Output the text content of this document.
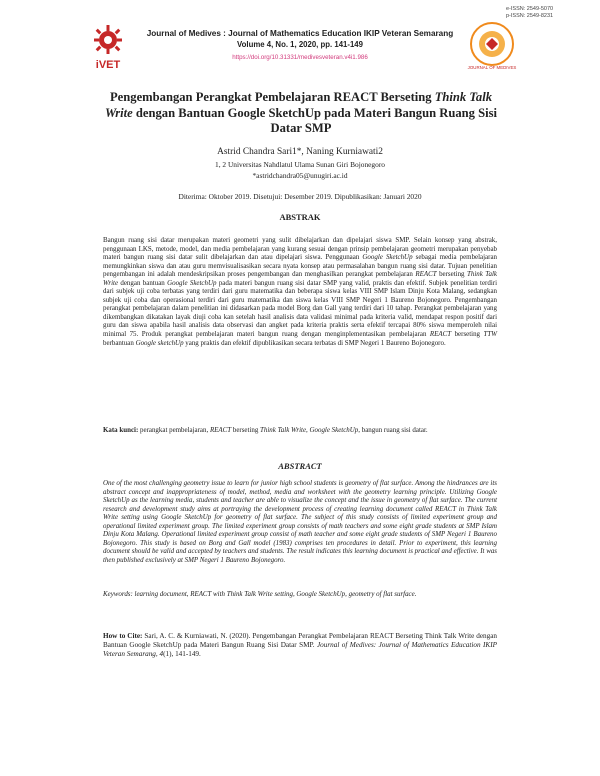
e-ISSN: 2549-5070
p-ISSN: 2549-8231
iVET
Journal of Medives : Journal of Mathematics Education IKIP Veteran Semarang
Volume 4, No. 1, 2020, pp. 141-149
https://doi.org/10.31331/medivesveteran.v4i1.986
JOURNAL OF MEDIVES
Pengembangan Perangkat Pembelajaran REACT Berseting Think Talk Write dengan Bantuan Google SketchUp pada Materi Bangun Ruang Sisi Datar SMP
Astrid Chandra Sari1*, Naning Kurniawati2
1, 2 Universitas Nahdlatul Ulama Sunan Giri Bojonegoro
*astridchandra05@unugiri.ac.id
Diterima: Oktober 2019. Disetujui: Desember 2019. Dipublikasikan: Januari 2020
ABSTRAK
Bangun ruang sisi datar merupakan materi geometri yang sulit dibelajarkan dan dipelajari siswa SMP. Selain konsep yang abstrak, penggunaan LKS, metode, model, dan media pembelajaran yang kurang sesuai dengan prinsip pembelajaran geometri merupakan penyebab materi bangun ruang sisi datar sulit dibelajarkan dan atau dipelajari siswa. Penggunaan Google SketchUp sebagai media pembelajaran memungkinkan siswa dan atau guru memvisualisasikan secara nyata konsep atau permasalahan bangun ruang sisi datar. Tujuan penelitian pengembangan ini adalah mendeskripsikan proses pengembangan dan menghasilkan perangkat pembelajaran REACT berseting Think Talk Write dengan bantuan Google SketchUp pada materi bangun ruang sisi datar SMP yang valid, praktis dan efektif. Subjek penelitian terdiri dari subjek uji coba terbatas yang terdiri dari guru matematika dan beberapa siswa kelas VIII SMP Islam Dinju Kota Malang, sedangkan subjek uji coba dan operasional terdiri dari guru matematika dan siswa kelas VIII SMP Negeri 1 Baureno Bojonegoro. Pengembangan perangkat pembelajaran dalam penelitian ini didasarkan pada model Borg dan Gall yang terdiri dari 10 tahap. Perangkat pembelajaran yang dikembangkan dikatakan layak diuji coba kan setelah hasil analisis data validasi minimal pada kriteria valid, mendapat respon positif dari guru dan siswa apabila hasil analisis data observasi dan angket pada kriteria praktis serta efektif tercapai 80% siswa memperoleh nilai minimal 75. Produk perangkat pembelajaran materi bangun ruang dengan menginplementasikan pembelajaran REACT berseting TTW berbantuan Google sketchUp yang praktis dan efektif dipublikasikan secara terbatas di SMP Negeri 1 Baureno Bojonegoro.
Kata kunci: perangkat pembelajaran, REACT berseting Think Talk Write, Google SketchUp, bangun ruang sisi datar.
ABSTRACT
One of the most challenging geometry issue to learn for junior high school students is geometry of flat surface. Among the hindrances are its abstract concept and inappropriateness of model, method, media and worksheet with the geometry learning principle. Utilizing Google SketchUp as the learning media, students and teacher are able to visualize the concept and the issue in geometry of flat surface. The current research and development study aims at portraying the development process of creating learning document called REACT in Think Talk Write setting using Google SketchUp for geometry of flat surface. The subject of this study consists of limited experiment group and operational limited experiment group. The limited experiment group consists of math teachers and some eight grade students at SMP Islam Dinju Kota Malang. Operational limited experiment group consist of math teacher and some eight grade students of SMP Negeri 1 Baureno Bojonegoro. This study is based on Borg and Gall model (1983) comprises ten procedures in detail. Prior to experiment, this learning document should be valid and accepted by teachers and students. The result indicates this learning document is practical and effective. It was then published exclusively at SMP Negeri 1 Baureno Bojonegoro.
Keywords: learning document, REACT with Think Talk Write setting, Google SketchUp, geometry of flat surface.
How to Cite: Sari, A. C. & Kurniawati, N. (2020). Pengembangan Perangkat Pembelajaran REACT Berseting Think Talk Write dengan Bantuan Google SketchUp pada Materi Bangun Ruang Sisi Datar SMP. Journal of Medives: Journal of Mathematics Education IKIP Veteran Semarang, 4(1), 141-149.
